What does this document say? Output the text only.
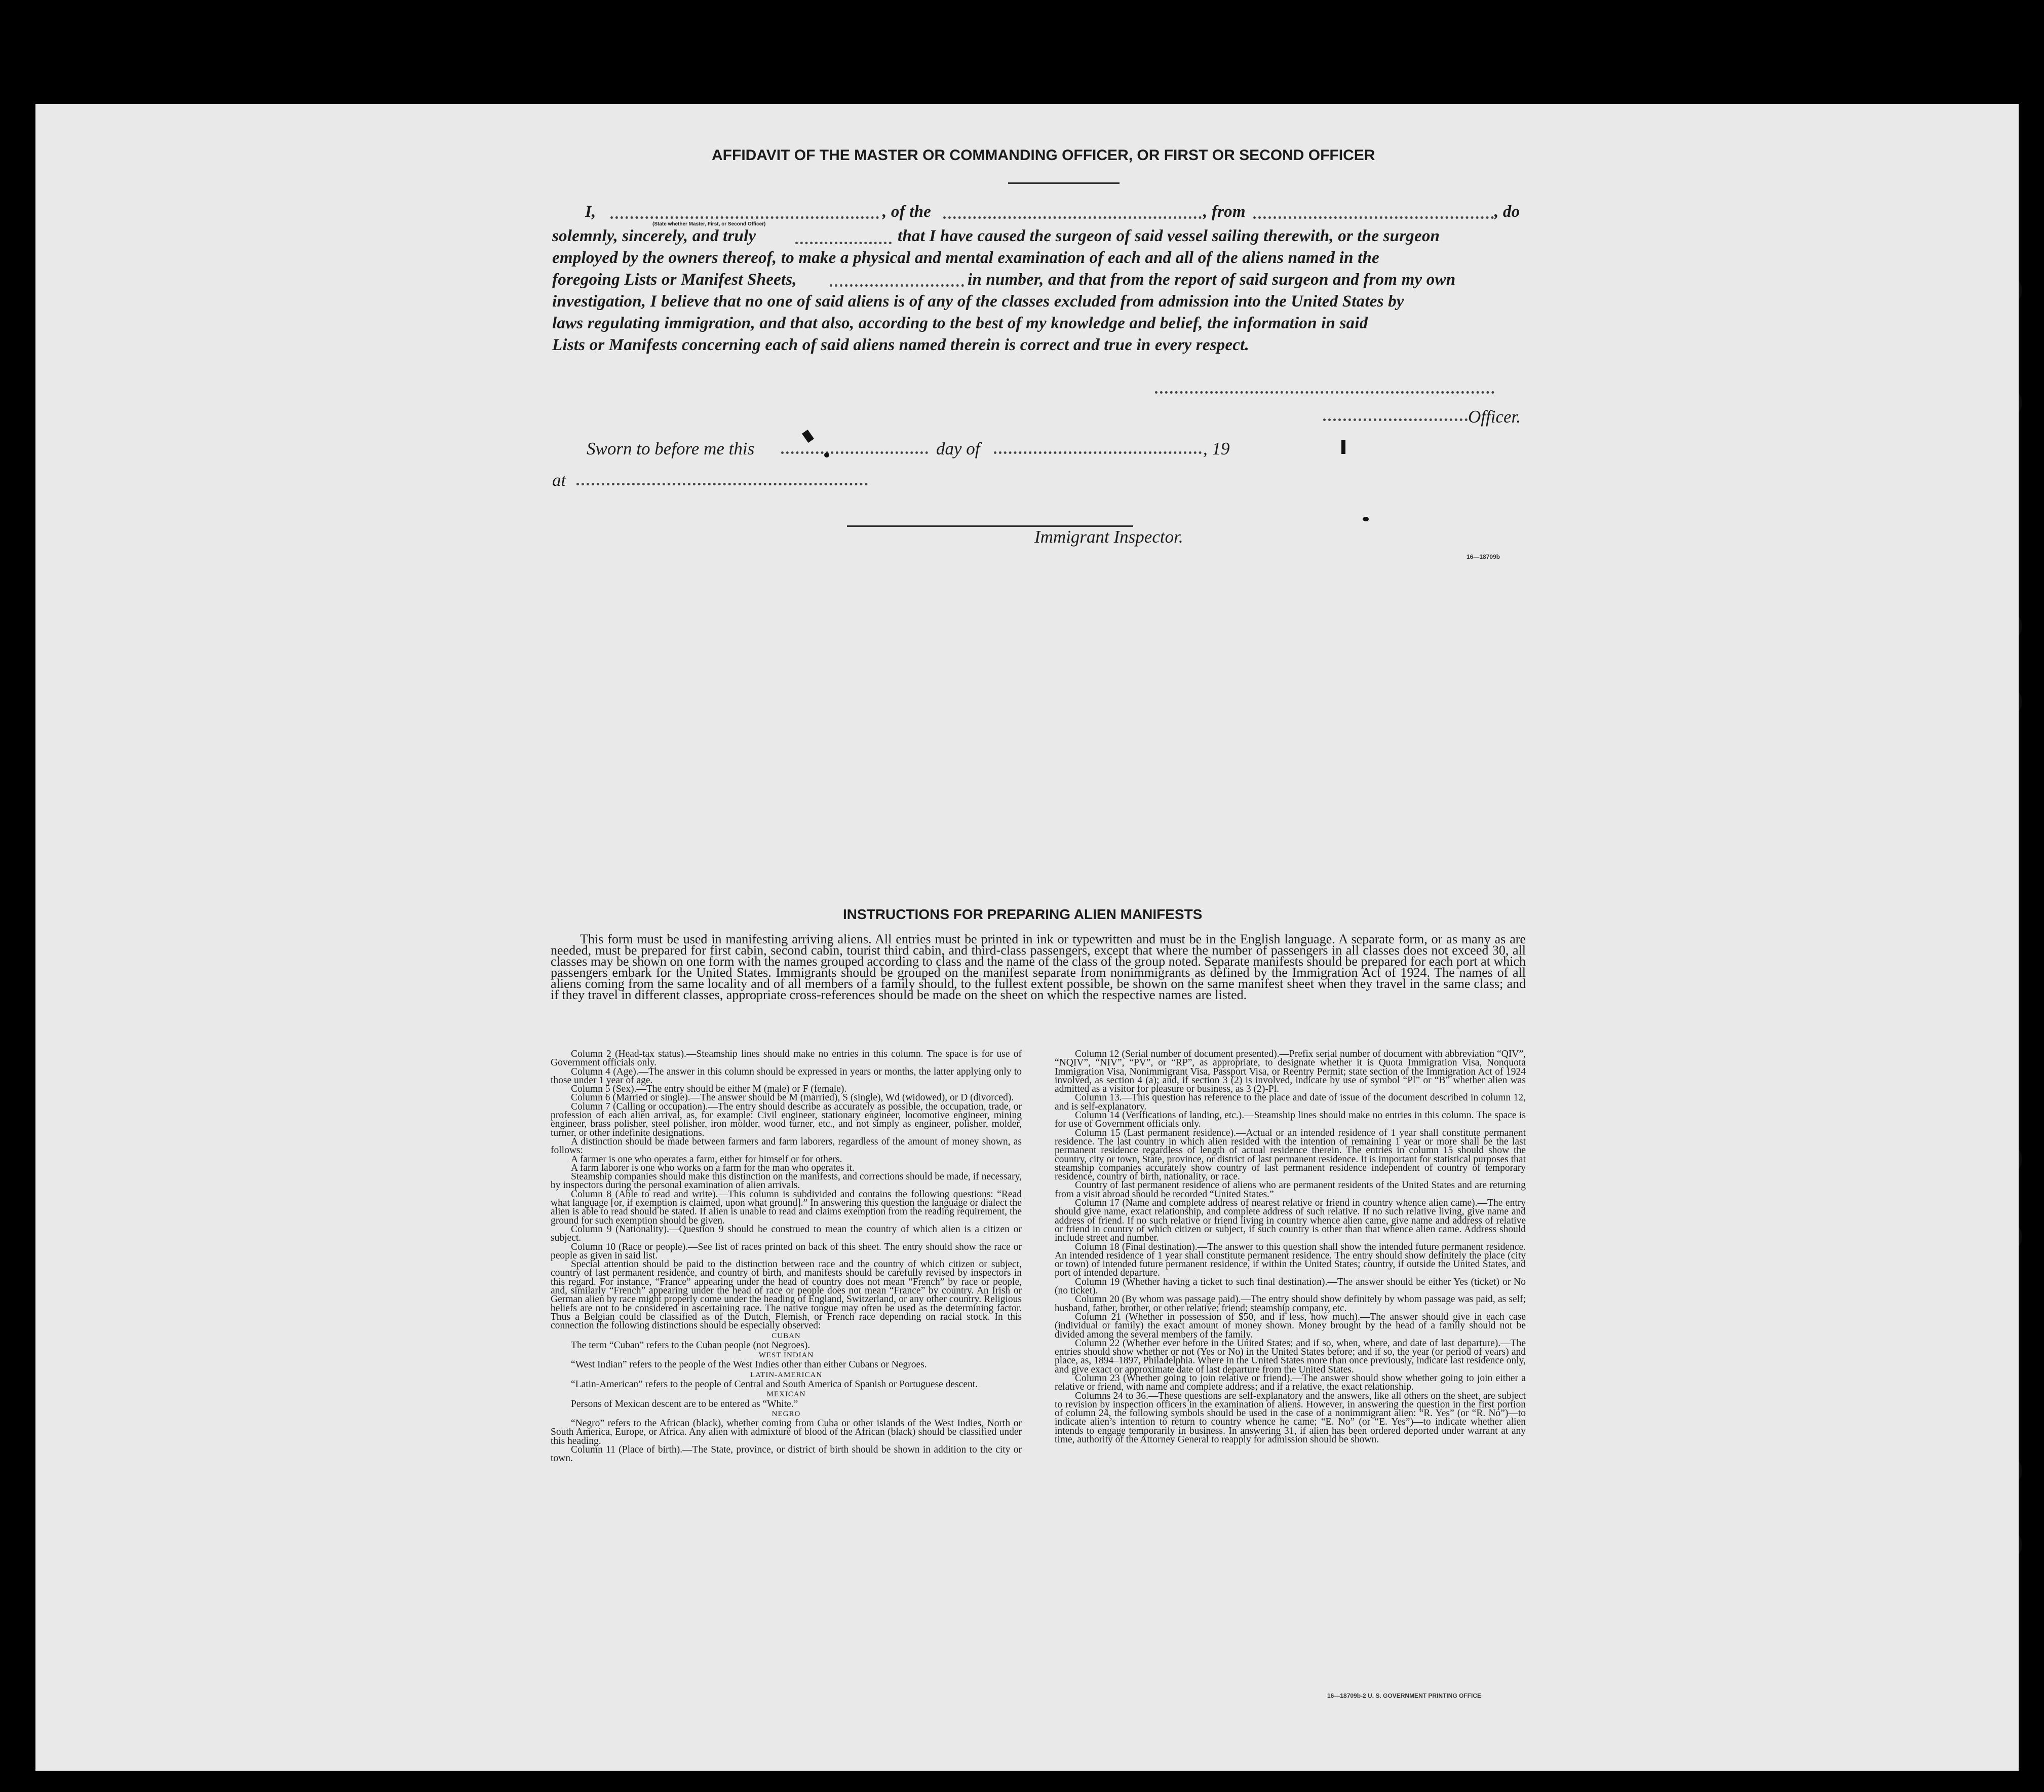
AFFIDAVIT OF THE MASTER OR COMMANDING OFFICER, OR FIRST OR SECOND OFFICER
I,
(State whether Master, First, or Second Officer)
, of the	, from	, do
solemnly, sincerely, and truly	that I have caused the surgeon of said vessel sailing therewith, or the surgeon
employed by the owners thereof, to make a physical and mental examination of each and all of the aliens named in the
foregoing Lists or Manifest Sheets,	in number, and that from the report of said surgeon and from my own
investigation, I believe that no one of said aliens is of any of the classes excluded from admission into the United States by
laws regulating immigration, and that also, according to the best of my knowledge and belief, the information in said
Lists or Manifests concerning each of said aliens named therein is correct and true in every respect.
Officer.
Sworn to before me this	day of	, 19
at
Immigrant Inspector.
16—18709b
INSTRUCTIONS FOR PREPARING ALIEN MANIFESTS

This form must be used in manifesting arriving aliens. All entries must be printed in ink or typewritten and must be in the English language. A separate form, or as many as are needed, must be prepared for first cabin, second cabin, tourist third cabin, and third-class passengers, except that where the number of passengers in all classes does not exceed 30, all classes may be shown on one form with the names grouped according to class and the name of the class of the group noted. Separate manifests should be prepared for each port at which passengers embark for the United States. Immigrants should be grouped on the manifest separate from nonimmigrants as defined by the Immigration Act of 1924. The names of all aliens coming from the same locality and of all members of a family should, to the fullest extent possible, be shown on the same manifest sheet when they travel in the same class; and if they travel in different classes, appropriate cross-references should be made on the sheet on which the respective names are listed.

Column 2 (Head-tax status).—Steamship lines should make no entries in this column. The space is for use of Government officials only.

Column 4 (Age).—The answer in this column should be expressed in years or months, the latter applying only to those under 1 year of age.

Column 5 (Sex).—The entry should be either M (male) or F (female).

Column 6 (Married or single).—The answer should be M (married), S (single), Wd (widowed), or D (divorced).

Column 7 (Calling or occupation).—The entry should describe as accurately as possible, the occupation, trade, or profession of each alien arrival, as, for example: Civil engineer, stationary engineer, locomotive engineer, mining engineer, brass polisher, steel polisher, iron molder, wood turner, etc., and not simply as engineer, polisher, molder, turner, or other indefinite designations.

A distinction should be made between farmers and farm laborers, regardless of the amount of money shown, as follows:

A farmer is one who operates a farm, either for himself or for others.

A farm laborer is one who works on a farm for the man who operates it.

Steamship companies should make this distinction on the manifests, and corrections should be made, if necessary, by inspectors during the personal examination of alien arrivals.

Column 8 (Able to read and write).—This column is subdivided and contains the following questions: “Read what language [or, if exemption is claimed, upon what ground].” In answering this question the language or dialect the alien is able to read should be stated. If alien is unable to read and claims exemption from the reading requirement, the ground for such exemption should be given.

Column 9 (Nationality).—Question 9 should be construed to mean the country of which alien is a citizen or subject.

Column 10 (Race or people).—See list of races printed on back of this sheet. The entry should show the race or people as given in said list.

Special attention should be paid to the distinction between race and the country of which citizen or subject, country of last permanent residence, and country of birth, and manifests should be carefully revised by inspectors in this regard. For instance, “France” appearing under the head of country does not mean “French” by race or people, and, similarly “French” appearing under the head of race or people does not mean “France” by country. An Irish or German alien by race might properly come under the heading of England, Switzerland, or any other country. Religious beliefs are not to be considered in ascertaining race. The native tongue may often be used as the determining factor. Thus a Belgian could be classified as of the Dutch, Flemish, or French race depending on racial stock. In this connection the following distinctions should be especially observed:

CUBAN

The term “Cuban” refers to the Cuban people (not Negroes).

WEST INDIAN

“West Indian” refers to the people of the West Indies other than either Cubans or Negroes.

LATIN-AMERICAN

“Latin-American” refers to the people of Central and South America of Spanish or Portuguese descent.

MEXICAN

Persons of Mexican descent are to be entered as “White.”

NEGRO

“Negro” refers to the African (black), whether coming from Cuba or other islands of the West Indies, North or South America, Europe, or Africa. Any alien with admixture of blood of the African (black) should be classified under this heading.

Column 11 (Place of birth).—The State, province, or district of birth should be shown in addition to the city or town.

Column 12 (Serial number of document presented).—Prefix serial number of document with abbreviation “QIV”, “NQIV”, “NIV”, “PV”, or “RP”, as appropriate, to designate whether it is Quota Immigration Visa, Nonquota Immigration Visa, Nonimmigrant Visa, Passport Visa, or Reentry Permit; state section of the Immigration Act of 1924 involved, as section 4 (a); and, if section 3 (2) is involved, indicate by use of symbol “Pl” or “B” whether alien was admitted as a visitor for pleasure or business, as 3 (2)-Pl.

Column 13.—This question has reference to the place and date of issue of the document described in column 12, and is self-explanatory.

Column 14 (Verifications of landing, etc.).—Steamship lines should make no entries in this column. The space is for use of Government officials only.

Column 15 (Last permanent residence).—Actual or an intended residence of 1 year shall constitute permanent residence. The last country in which alien resided with the intention of remaining 1 year or more shall be the last permanent residence regardless of length of actual residence therein. The entries in column 15 should show the country, city or town, State, province, or district of last permanent residence. It is important for statistical purposes that steamship companies accurately show country of last permanent residence independent of country of temporary residence, country of birth, nationality, or race.

Country of last permanent residence of aliens who are permanent residents of the United States and are returning from a visit abroad should be recorded “United States.”

Column 17 (Name and complete address of nearest relative or friend in country whence alien came).—The entry should give name, exact relationship, and complete address of such relative. If no such relative living, give name and address of friend. If no such relative or friend living in country whence alien came, give name and address of relative or friend in country of which citizen or subject, if such country is other than that whence alien came. Address should include street and number.

Column 18 (Final destination).—The answer to this question shall show the intended future permanent residence. An intended residence of 1 year shall constitute permanent residence. The entry should show definitely the place (city or town) of intended future permanent residence, if within the United States; country, if outside the United States, and port of intended departure.

Column 19 (Whether having a ticket to such final destination).—The answer should be either Yes (ticket) or No (no ticket).

Column 20 (By whom was passage paid).—The entry should show definitely by whom passage was paid, as self; husband, father, brother, or other relative; friend; steamship company, etc.

Column 21 (Whether in possession of $50, and if less, how much).—The answer should give in each case (individual or family) the exact amount of money shown. Money brought by the head of a family should not be divided among the several members of the family.

Column 22 (Whether ever before in the United States; and if so, when, where, and date of last departure).—The entries should show whether or not (Yes or No) in the United States before; and if so, the year (or period of years) and place, as, 1894–1897, Philadelphia. Where in the United States more than once previously, indicate last residence only, and give exact or approximate date of last departure from the United States.

Column 23 (Whether going to join relative or friend).—The answer should show whether going to join either a relative or friend, with name and complete address; and if a relative, the exact relationship.

Columns 24 to 36.—These questions are self-explanatory and the answers, like all others on the sheet, are subject to revision by inspection officers in the examination of aliens. However, in answering the question in the first portion of column 24, the following symbols should be used in the case of a nonimmigrant alien: “R. Yes” (or “R. No”)—to indicate alien’s intention to return to country whence he came; “E. No” (or “E. Yes”)—to indicate whether alien intends to engage temporarily in business. In answering 31, if alien has been ordered deported under warrant at any time, authority of the Attorney General to reapply for admission should be shown.

16—18709b-2 U. S. GOVERNMENT PRINTING OFFICE
